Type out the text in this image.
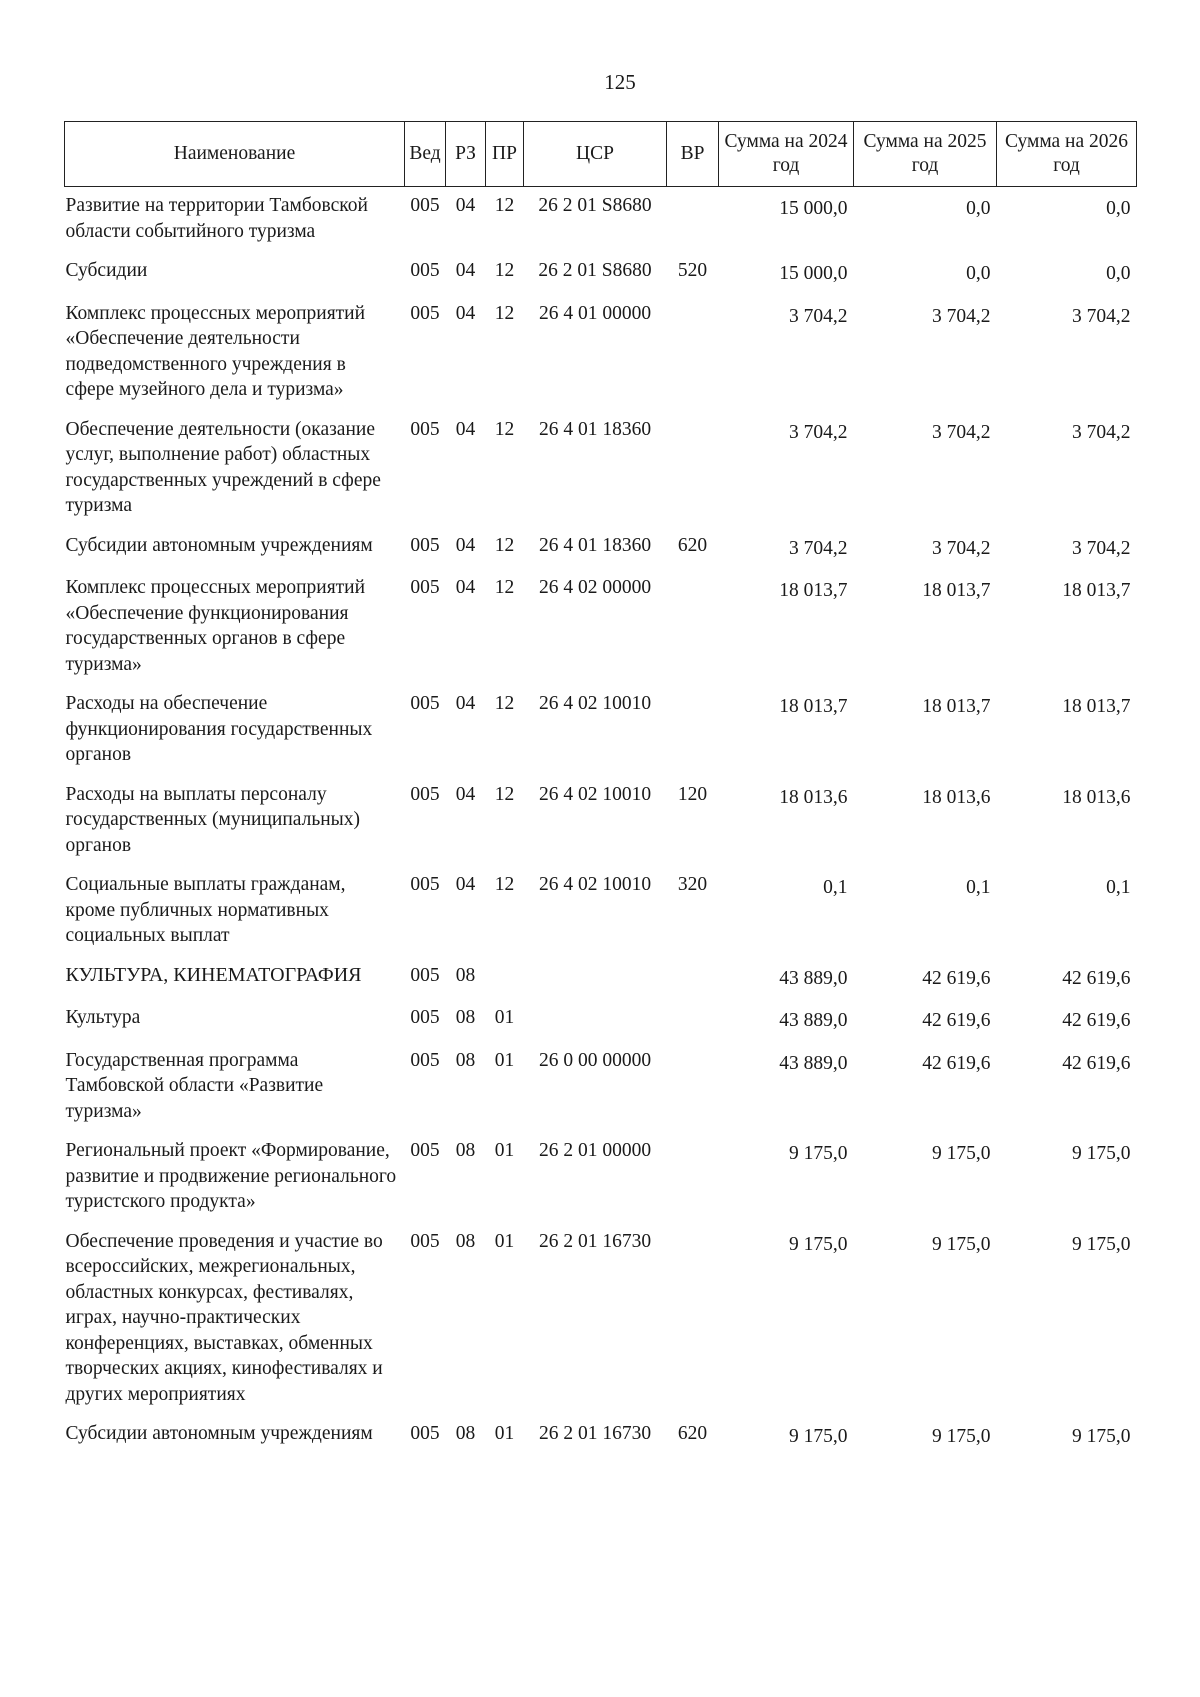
125
Наименование	Вед	РЗ	ПР	ЦСР	ВР	Сумма на 2024 год	Сумма на 2025 год	Сумма на 2026 год
Развитие на территории Тамбовской области событийного туризма	005	04	12	26 2 01 S8680		15 000,0	0,0	0,0
Субсидии	005	04	12	26 2 01 S8680	520	15 000,0	0,0	0,0
Комплекс процессных мероприятий «Обеспечение деятельности подведомственного учреждения в сфере музейного дела и туризма»	005	04	12	26 4 01 00000		3 704,2	3 704,2	3 704,2
Обеспечение деятельности (оказание услуг, выполнение работ) областных государственных учреждений в сфере туризма	005	04	12	26 4 01 18360		3 704,2	3 704,2	3 704,2
Субсидии автономным учреждениям	005	04	12	26 4 01 18360	620	3 704,2	3 704,2	3 704,2
Комплекс процессных мероприятий «Обеспечение функционирования государственных органов в сфере туризма»	005	04	12	26 4 02 00000		18 013,7	18 013,7	18 013,7
Расходы на обеспечение функционирования государственных органов	005	04	12	26 4 02 10010		18 013,7	18 013,7	18 013,7
Расходы на выплаты персоналу государственных (муниципальных) органов	005	04	12	26 4 02 10010	120	18 013,6	18 013,6	18 013,6
Социальные выплаты гражданам, кроме публичных нормативных социальных выплат	005	04	12	26 4 02 10010	320	0,1	0,1	0,1
КУЛЬТУРА, КИНЕМАТОГРАФИЯ	005	08				43 889,0	42 619,6	42 619,6
Культура	005	08	01			43 889,0	42 619,6	42 619,6
Государственная программа Тамбовской области «Развитие туризма»	005	08	01	26 0 00 00000		43 889,0	42 619,6	42 619,6
Региональный проект «Формирование, развитие и продвижение регионального туристского продукта»	005	08	01	26 2 01 00000		9 175,0	9 175,0	9 175,0
Обеспечение проведения и участие во всероссийских, межрегиональных, областных конкурсах, фестивалях, играх, научно-практических конференциях, выставках, обменных творческих акциях, кинофестивалях и других мероприятиях	005	08	01	26 2 01 16730		9 175,0	9 175,0	9 175,0
Субсидии автономным учреждениям	005	08	01	26 2 01 16730	620	9 175,0	9 175,0	9 175,0
